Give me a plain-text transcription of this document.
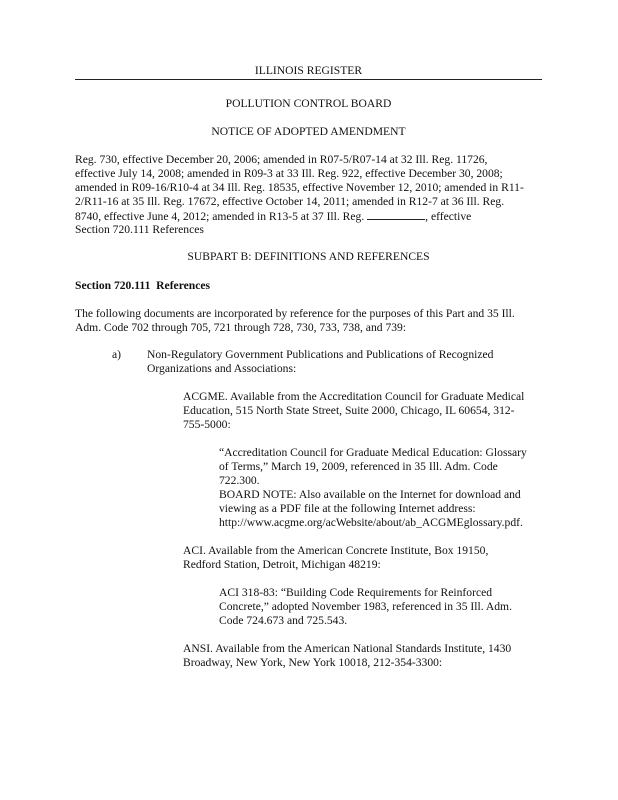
ILLINOIS REGISTER
POLLUTION CONTROL BOARD
NOTICE OF ADOPTED AMENDMENT
Reg. 730, effective December 20, 2006; amended in R07-5/R07-14 at 32 Ill. Reg. 11726,
effective July 14, 2008; amended in R09-3 at 33 Ill. Reg. 922, effective December 30, 2008;
amended in R09-16/R10-4 at 34 Ill. Reg. 18535, effective November 12, 2010; amended in R11-
2/R11-16 at 35 Ill. Reg. 17672, effective October 14, 2011; amended in R12-7 at 36 Ill. Reg.
8740, effective June 4, 2012; amended in R13-5 at 37 Ill. Reg.	, effective
Section 720.111 References
SUBPART B: DEFINITIONS AND REFERENCES
Section 720.111 References
The following documents are incorporated by reference for the purposes of this Part and 35 Ill.
Adm. Code 702 through 705, 721 through 728, 730, 733, 738, and 739:
a) Non-Regulatory Government Publications and Publications of Recognized
Organizations and Associations:
ACGME. Available from the Accreditation Council for Graduate Medical
Education, 515 North State Street, Suite 2000, Chicago, IL 60654, 312-
755-5000:
“Accreditation Council for Graduate Medical Education: Glossary
of Terms,” March 19, 2009, referenced in 35 Ill. Adm. Code
722.300.
BOARD NOTE: Also available on the Internet for download and
viewing as a PDF file at the following Internet address:
http://www.acgme.org/acWebsite/about/ab_ACGMEglossary.pdf.
ACI. Available from the American Concrete Institute, Box 19150,
Redford Station, Detroit, Michigan 48219:
ACI 318-83: “Building Code Requirements for Reinforced
Concrete,” adopted November 1983, referenced in 35 Ill. Adm.
Code 724.673 and 725.543.
ANSI. Available from the American National Standards Institute, 1430
Broadway, New York, New York 10018, 212-354-3300:
